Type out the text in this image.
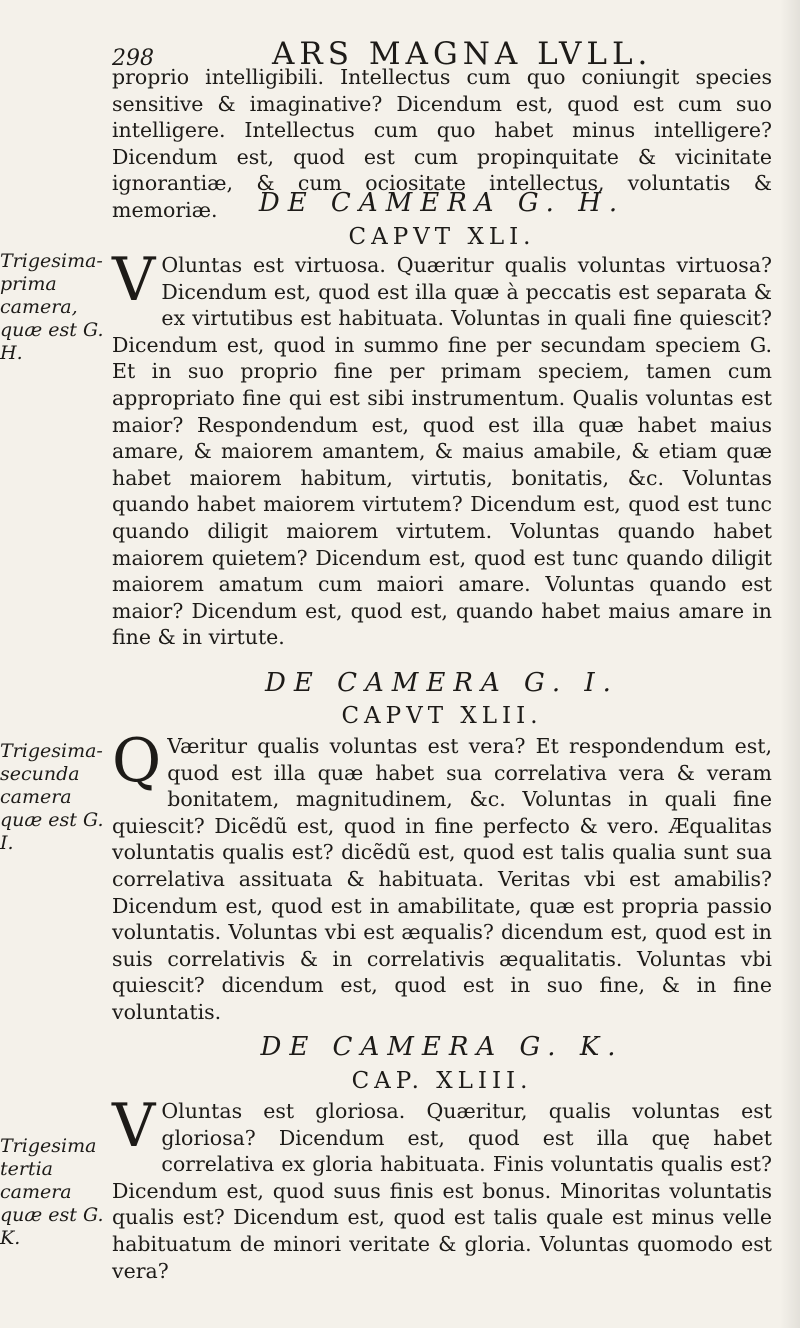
298	ARS MAGNA LVLL.

proprio intelligibili. Intellectus cum quo coniungit species sensitive & imaginative? Dicendum est, quod est cum suo intelligere. Intellectus cum quo habet minus intelligere? Dicendum est, quod est cum propinquitate & vicinitate ignorantiæ, & cum ociositate intellectus, voluntatis & memoriæ.	DE CAMERA G. H.
CAPVT XLI.
Trigesima-prima camera, quæ est G. H.

V Oluntas est virtuosa. Quæritur qualis voluntas virtuosa? Dicendum est, quod est illa quæ à peccatis est separata & ex virtutibus est habituata. Voluntas in quali fine quiescit? Dicendum est, quod in summo fine per secundam speciem G. Et in suo proprio fine per primam speciem, tamen cum appropriato fine qui est sibi instrumentum. Qualis voluntas est maior? Respondendum est, quod est illa quæ habet maius amare, & maiorem amantem, & maius amabile, & etiam quæ habet maiorem habitum, virtutis, bonitatis, &c. Voluntas quando habet maiorem virtutem? Dicendum est, quod est tunc quando diligit maiorem virtutem. Voluntas quando habet maiorem quietem? Dicendum est, quod est tunc quando diligit maiorem amatum cum maiori amare. Voluntas quando est maior? Dicendum est, quod est, quando habet maius amare in fine & in virtute.

DE CAMERA G. I.
CAPVT XLII.
Trigesima-secunda camera quæ est G. I.

Q Væritur qualis voluntas est vera? Et respondendum est, quod est illa quæ habet sua correlativa vera & veram bonitatem, magnitudinem, &c. Voluntas in quali fine quiescit? Dicẽdũ est, quod in fine perfecto & vero. Æqualitas voluntatis qualis est? dicẽdũ est, quod est talis qualia sunt sua correlativa assituata & habituata. Veritas vbi est amabilis? Dicendum est, quod est in amabilitate, quæ est propria passio voluntatis. Voluntas vbi est æqualis? dicendum est, quod est in suis correlativis & in correlativis æqualitatis. Voluntas vbi quiescit? dicendum est, quod est in suo fine, & in fine voluntatis.

DE CAMERA G. K.
CAP. XLIII.
Trigesima tertia camera quæ est G. K.

V Oluntas est gloriosa. Quæritur, qualis voluntas est gloriosa? Dicendum est, quod est illa quę habet correlativa ex gloria habituata. Finis voluntatis qualis est? Dicendum est, quod suus finis est bonus. Minoritas voluntatis qualis est? Dicendum est, quod est talis quale est minus velle habituatum de minori veritate & gloria. Voluntas quomodo est vera?
